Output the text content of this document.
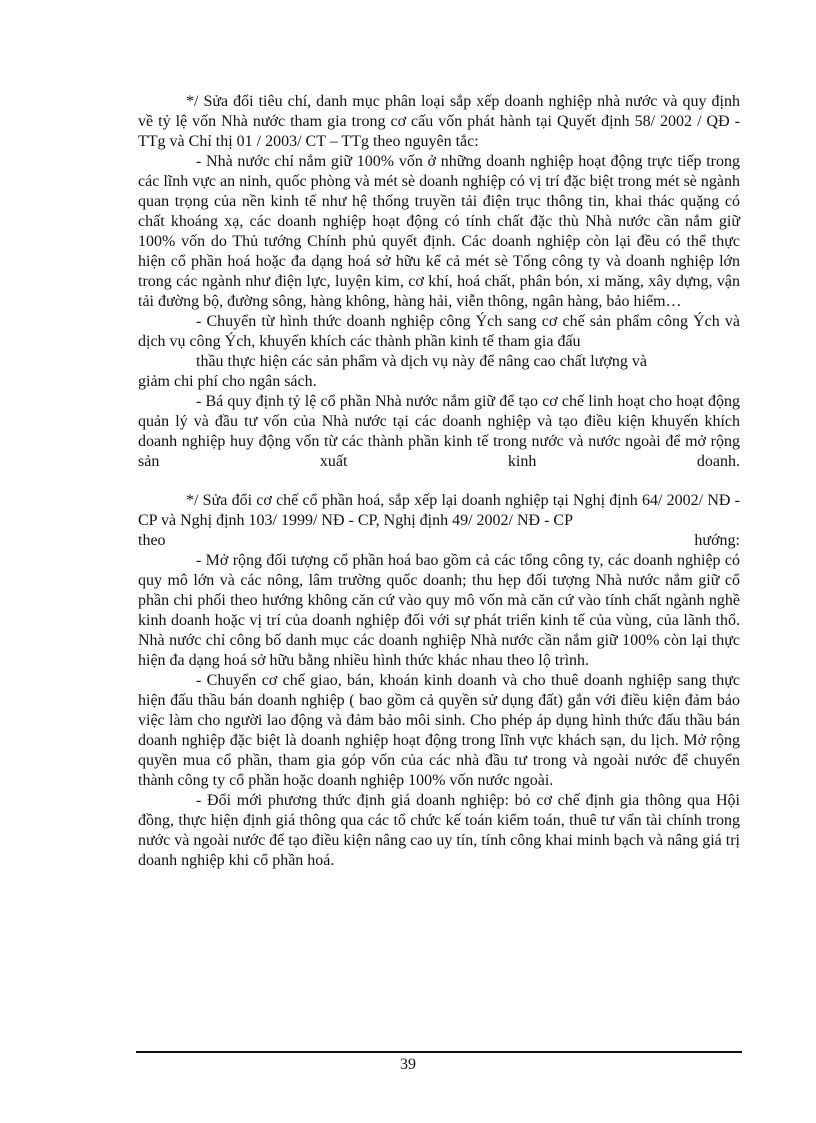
*/ Sửa đổi tiêu chí, danh mục phân loại sắp xếp doanh nghiệp nhà nước và quy định về tỷ lệ vốn Nhà nước tham gia trong cơ cấu vốn phát hành tại Quyết định 58/ 2002 / QĐ - TTg và Chỉ thị 01 / 2003/ CT – TTg theo nguyên tắc:

- Nhà nước chỉ nắm giữ 100% vốn ở những doanh nghiệp hoạt động trực tiếp trong các lĩnh vực an ninh, quốc phòng và mét sè doanh nghiệp có vị trí đặc biệt trong mét sè ngành quan trọng của nền kinh tế như hệ thống truyền tải điện trục thông tin, khai thác quặng có chất khoáng xạ, các doanh nghiệp hoạt động có tính chất đặc thù Nhà nước cần nắm giữ 100% vốn do Thủ tướng Chính phủ quyết định. Các doanh nghiệp còn lại đều có thể thực hiện cổ phần hoá hoặc đa dạng hoá sở hữu kể cả mét sè Tổng công ty và doanh nghiệp lớn trong các ngành như điện lực, luyện kim, cơ khí, hoá chất, phân bón, xi măng, xây dựng, vận tải đường bộ, đường sông, hàng không, hàng hải, viễn thông, ngân hàng, bảo hiểm…

- Chuyển từ hình thức doanh nghiệp công Ých sang cơ chế sản phẩm công Ých và dịch vụ công Ých, khuyến khích các thành phần kinh tế tham gia đấu

thầu thực hiện các sản phẩm và dịch vụ này để nâng cao chất lượng và

giảm chi phí cho ngân sách.

- Bá quy định tỷ lệ cổ phần Nhà nước nắm giữ để tạo cơ chế linh hoạt cho hoạt động quản lý và đầu tư vốn của Nhà nước tại các doanh nghiệp và tạo điều kiện khuyến khích doanh nghiệp huy động vốn từ các thành phần kinh tế trong nước và nước ngoài để mở rộng sản xuất kinh doanh.

*/ Sửa đổi cơ chế cổ phần hoá, sắp xếp lại doanh nghiệp tại Nghị định 64/ 2002/ NĐ - CP và Nghị định 103/ 1999/ NĐ - CP, Nghị định 49/ 2002/ NĐ - CP

theo	hướng:

- Mở rộng đối tượng cổ phần hoá bao gồm cả các tổng công ty, các doanh nghiệp có quy mô lớn và các nông, lâm trường quốc doanh; thu hẹp đối tượng Nhà nước nắm giữ cổ phần chi phối theo hướng không căn cứ vào quy mô vốn mà căn cứ vào tính chất ngành nghề kinh doanh hoặc vị trí của doanh nghiệp đối với sự phát triển kinh tế của vùng, của lãnh thổ. Nhà nước chỉ công bố danh mục các doanh nghiệp Nhà nước cần nắm giữ 100% còn lại thực hiện đa dạng hoá sở hữu bằng nhiều hình thức khác nhau theo lộ trình.

- Chuyển cơ chế giao, bán, khoán kinh doanh và cho thuê doanh nghiệp sang thực hiện đấu thầu bán doanh nghiệp ( bao gồm cả quyền sử dụng đất) gắn với điều kiện đảm bảo việc làm cho người lao động và đảm bảo môi sinh. Cho phép áp dụng hình thức đấu thầu bán doanh nghiệp đặc biệt là doanh nghiệp hoạt động trong lĩnh vực khách sạn, du lịch. Mở rộng quyền mua cổ phần, tham gia góp vốn của các nhà đầu tư trong và ngoài nước để chuyển thành công ty cổ phần hoặc doanh nghiệp 100% vốn nước ngoài.

- Đổi mới phương thức định giá doanh nghiệp: bỏ cơ chế định gia thông qua Hội đồng, thực hiện định giá thông qua các tổ chức kế toán kiểm toán, thuê tư vấn tài chính trong nước và ngoài nước để tạo điều kiện nâng cao uy tín, tính công khai minh bạch và nâng giá trị doanh nghiệp khi cổ phần hoá.

39
